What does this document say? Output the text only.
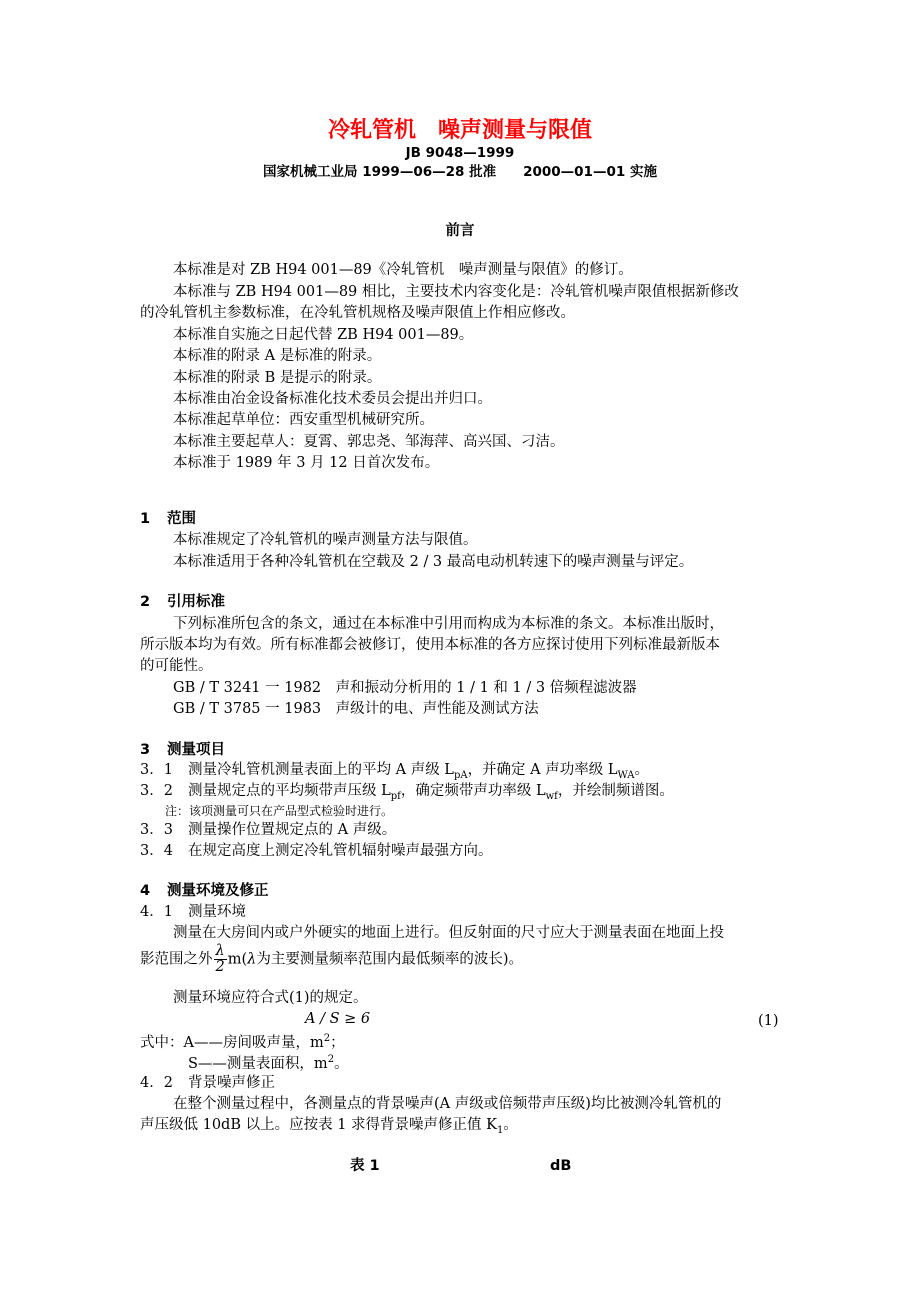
冷轧管机　噪声测量与限值
JB 9048—1999
国家机械工业局 1999—06—28 批准　　2000—01—01 实施
前言
本标准是对 ZB H94 001—89《冷轧管机　噪声测量与限值》的修订。
本标准与 ZB H94 001—89 相比，主要技术内容变化是：冷轧管机噪声限值根据新修改
的冷轧管机主参数标准，在冷轧管机规格及噪声限值上作相应修改。
本标准自实施之日起代替 ZB H94 001—89。
本标准的附录 A 是标准的附录。
本标准的附录 B 是提示的附录。
本标准由冶金设备标准化技术委员会提出并归口。
本标准起草单位：西安重型机械研究所。
本标准主要起草人：夏霄、郭忠尧、邹海萍、高兴国、刁洁。
本标准于 1989 年 3 月 12 日首次发布。
1 范围
本标准规定了冷轧管机的噪声测量方法与限值。
本标准适用于各种冷轧管机在空载及 2 / 3 最高电动机转速下的噪声测量与评定。
2 引用标准
下列标准所包含的条文，通过在本标准中引用而构成为本标准的条文。本标准出版时，
所示版本均为有效。所有标准都会被修订，使用本标准的各方应探讨使用下列标准最新版本
的可能性。
GB / T 3241 一 1982　声和振动分析用的 1 / 1 和 1 / 3 倍频程滤波器
GB / T 3785 一 1983　声级计的电、声性能及测试方法
3 测量项目
3．1 测量冷轧管机测量表面上的平均 A 声级 $L_{pA}$，并确定 A 声功率级 $L_{WA}$。
3．2 测量规定点的平均频带声压级 $L_{pf}$，确定频带声功率级 $L_{wf}$，并绘制频谱图。
注：该项测量可只在产品型式检验时进行。
3．3 测量操作位置规定点的 A 声级。
3．4 在规定高度上测定冷轧管机辐射噪声最强方向。
4 测量环境及修正
4．1 测量环境
测量在大房间内或户外硬实的地面上进行。但反射面的尺寸应大于测量表面在地面上投
影范围之外 $\frac{\lambda}{2} m(\lambda$为主要测量频率范围内最低频率的波长)。
测量环境应符合式(1)的规定。
A / S ≥ 6	(1)
式中：A——房间吸声量，$m^2$；
S——测量表面积，$m^2$。
4．2 背景噪声修正
在整个测量过程中，各测量点的背景噪声(A 声级或倍频带声压级)均比被测冷轧管机的
声压级低 10dB 以上。应按表 1 求得背景噪声修正值 $K_1$。
表 1	dB
